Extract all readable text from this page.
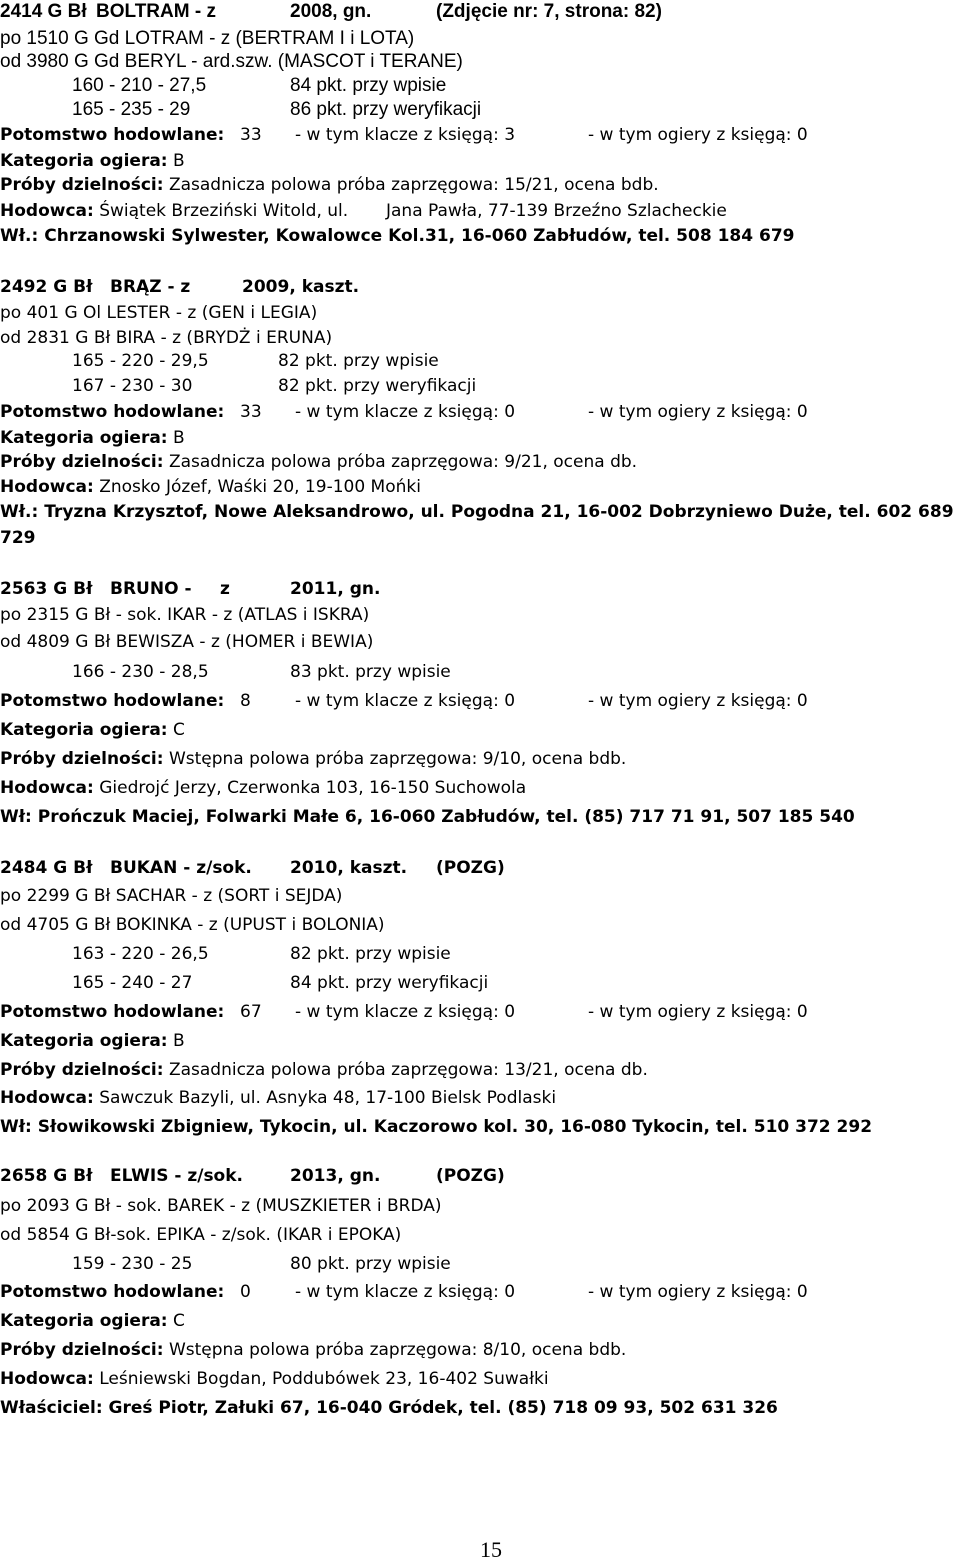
2414 G Bł BOLTRAM - z	2008, gn.	(Zdjęcie nr: 7, strona: 82)
po 1510 G Gd LOTRAM - z (BERTRAM I i LOTA)
od 3980 G Gd BERYL - ard.szw. (MASCOT i TERANE)
160 - 210 - 27,5	84 pkt. przy wpisie
165 - 235 - 29	86 pkt. przy weryfikacji
Potomstwo hodowlane: 33 - w tym klacze z księgą: 3	- w tym ogiery z księgą: 0
Kategoria ogiera: B
Próby dzielności: Zasadnicza polowa próba zaprzęgowa: 15/21, ocena bdb.
Hodowca: Świątek Brzeziński Witold, ul. Jana Pawła, 77-139 Brzeźno Szlacheckie
Wł.: Chrzanowski Sylwester, Kowalowce Kol.31, 16-060 Zabłudów, tel. 508 184 679
2492 G Bł BRĄZ - z	2009, kaszt.
po 401 G Ol LESTER - z (GEN i LEGIA)
od 2831 G Bł BIRA - z (BRYDŻ i ERUNA)
165 - 220 - 29,5	82 pkt. przy wpisie
167 - 230 - 30	82 pkt. przy weryfikacji
Potomstwo hodowlane: 33 - w tym klacze z księgą: 0	- w tym ogiery z księgą: 0
Kategoria ogiera: B
Próby dzielności: Zasadnicza polowa próba zaprzęgowa: 9/21, ocena db.
Hodowca: Znosko Józef, Waśki 20, 19-100 Mońki
Wł.: Tryzna Krzysztof, Nowe Aleksandrowo, ul. Pogodna 21, 16-002 Dobrzyniewo Duże, tel. 602 689
729
2563 G Bł BRUNO - z	2011, gn.
po 2315 G Bł - sok. IKAR - z (ATLAS i ISKRA)
od 4809 G Bł BEWISZA - z (HOMER i BEWIA)
166 - 230 - 28,5	83 pkt. przy wpisie
Potomstwo hodowlane: 8	- w tym klacze z księgą: 0	- w tym ogiery z księgą: 0
Kategoria ogiera: C
Próby dzielności: Wstępna polowa próba zaprzęgowa: 9/10, ocena bdb.
Hodowca: Giedrojć Jerzy, Czerwonka 103, 16-150 Suchowola
Wł: Prończuk Maciej, Folwarki Małe 6, 16-060 Zabłudów, tel. (85) 717 71 91, 507 185 540
2484 G Bł BUKAN - z/sok. 2010, kaszt. (POZG)
po 2299 G Bł SACHAR - z (SORT i SEJDA)
od 4705 G Bł BOKINKA - z (UPUST i BOLONIA)
163 - 220 - 26,5	82 pkt. przy wpisie
165 - 240 - 27	84 pkt. przy weryfikacji
Potomstwo hodowlane: 67 - w tym klacze z księgą: 0	- w tym ogiery z księgą: 0
Kategoria ogiera: B
Próby dzielności: Zasadnicza polowa próba zaprzęgowa: 13/21, ocena db.
Hodowca: Sawczuk Bazyli, ul. Asnyka 48, 17-100 Bielsk Podlaski
Wł: Słowikowski Zbigniew, Tykocin, ul. Kaczorowo kol. 30, 16-080 Tykocin, tel. 510 372 292
2658 G Bł ELWIS - z/sok.	2013, gn.	(POZG)
po 2093 G Bł - sok. BAREK - z (MUSZKIETER i BRDA)
od 5854 G Bł-sok. EPIKA - z/sok. (IKAR i EPOKA)
159 - 230 - 25	80 pkt. przy wpisie
Potomstwo hodowlane: 0	- w tym klacze z księgą: 0	- w tym ogiery z księgą: 0
Kategoria ogiera: C
Próby dzielności: Wstępna polowa próba zaprzęgowa: 8/10, ocena bdb.
Hodowca: Leśniewski Bogdan, Poddubówek 23, 16-402 Suwałki
Właściciel: Greś Piotr, Załuki 67, 16-040 Gródek, tel. (85) 718 09 93, 502 631 326
15
